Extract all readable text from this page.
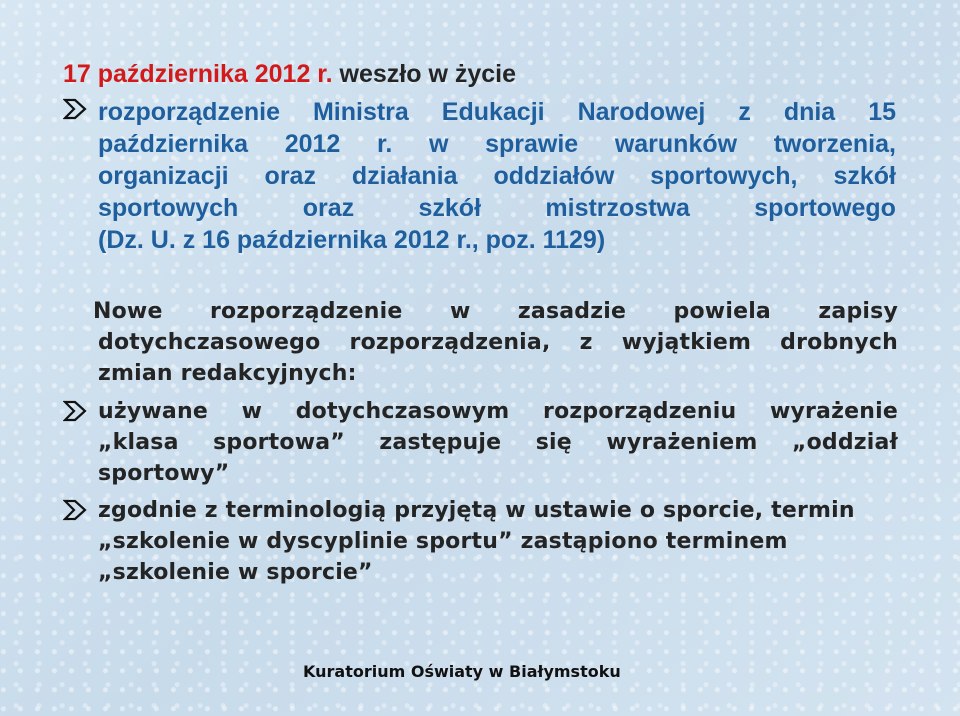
17 października 2012 r. weszło w życie
rozporządzenie Ministra Edukacji Narodowej z dnia 15
października 2012 r. w sprawie warunków tworzenia,
organizacji oraz działania oddziałów sportowych, szkół
sportowych	oraz	szkół	mistrzostwa	sportowego
(Dz. U. z 16 października 2012 r., poz. 1129)
Nowe rozporządzenie w zasadzie powiela zapisy
dotychczasowego rozporządzenia, z wyjątkiem drobnych
zmian redakcyjnych:
używane w dotychczasowym rozporządzeniu wyrażenie
„klasa sportowa” zastępuje się wyrażeniem „oddział
sportowy”
zgodnie z terminologią przyjętą w ustawie o sporcie, termin
„szkolenie w dyscyplinie sportu” zastąpiono terminem
„szkolenie w sporcie”
Kuratorium Oświaty w Białymstoku
